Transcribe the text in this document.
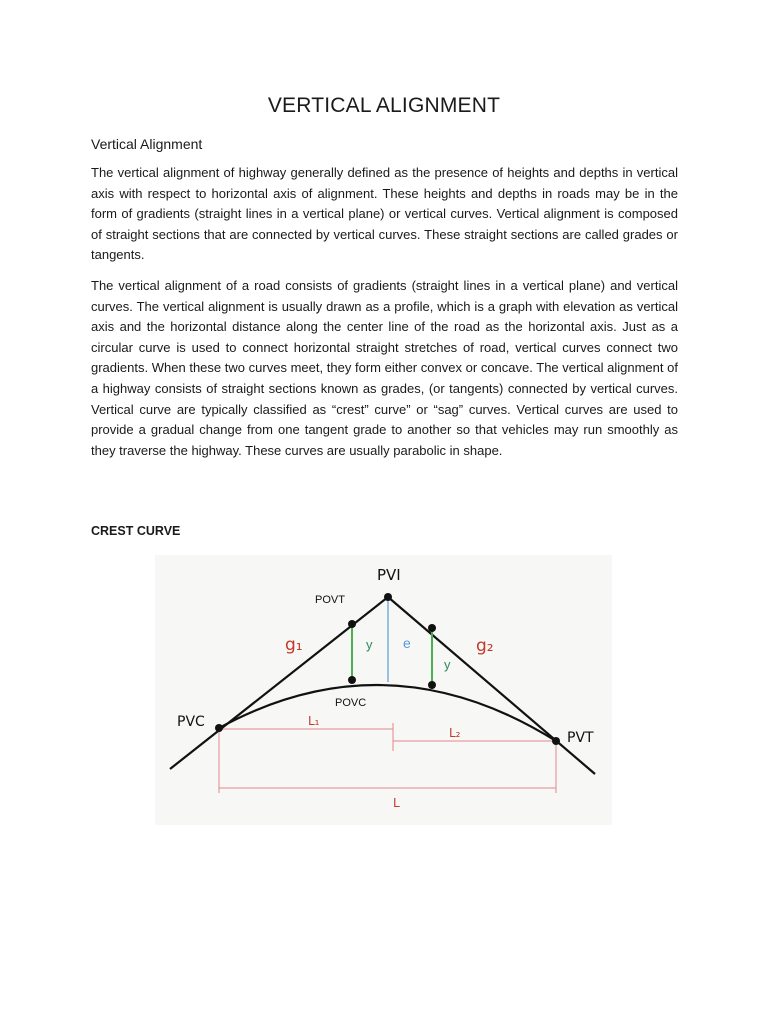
VERTICAL ALIGNMENT
Vertical Alignment

The vertical alignment of highway generally defined as the presence of heights and depths in vertical axis with respect to horizontal axis of alignment. These heights and depths in roads may be in the form of gradients (straight lines in a vertical plane) or vertical curves. Vertical alignment is composed of straight sections that are connected by vertical curves. These straight sections are called grades or tangents.

The vertical alignment of a road consists of gradients (straight lines in a vertical plane) and vertical curves. The vertical alignment is usually drawn as a profile, which is a graph with elevation as vertical axis and the horizontal distance along the center line of the road as the horizontal axis. Just as a circular curve is used to connect horizontal straight stretches of road, vertical curves connect two gradients. When these two curves meet, they form either convex or concave. The vertical alignment of a highway consists of straight sections known as grades, (or tangents) connected by vertical curves. Vertical curve are typically classified as “crest” curve” or “sag” curves. Vertical curves are used to provide a gradual change from one tangent grade to another so that vehicles may run smoothly as they traverse the highway. These curves are usually parabolic in shape.

CREST CURVE
PVI
POVT
POVC
PVC
PVT
g₁	g₂
y
y
e
L₁
L₂
L
